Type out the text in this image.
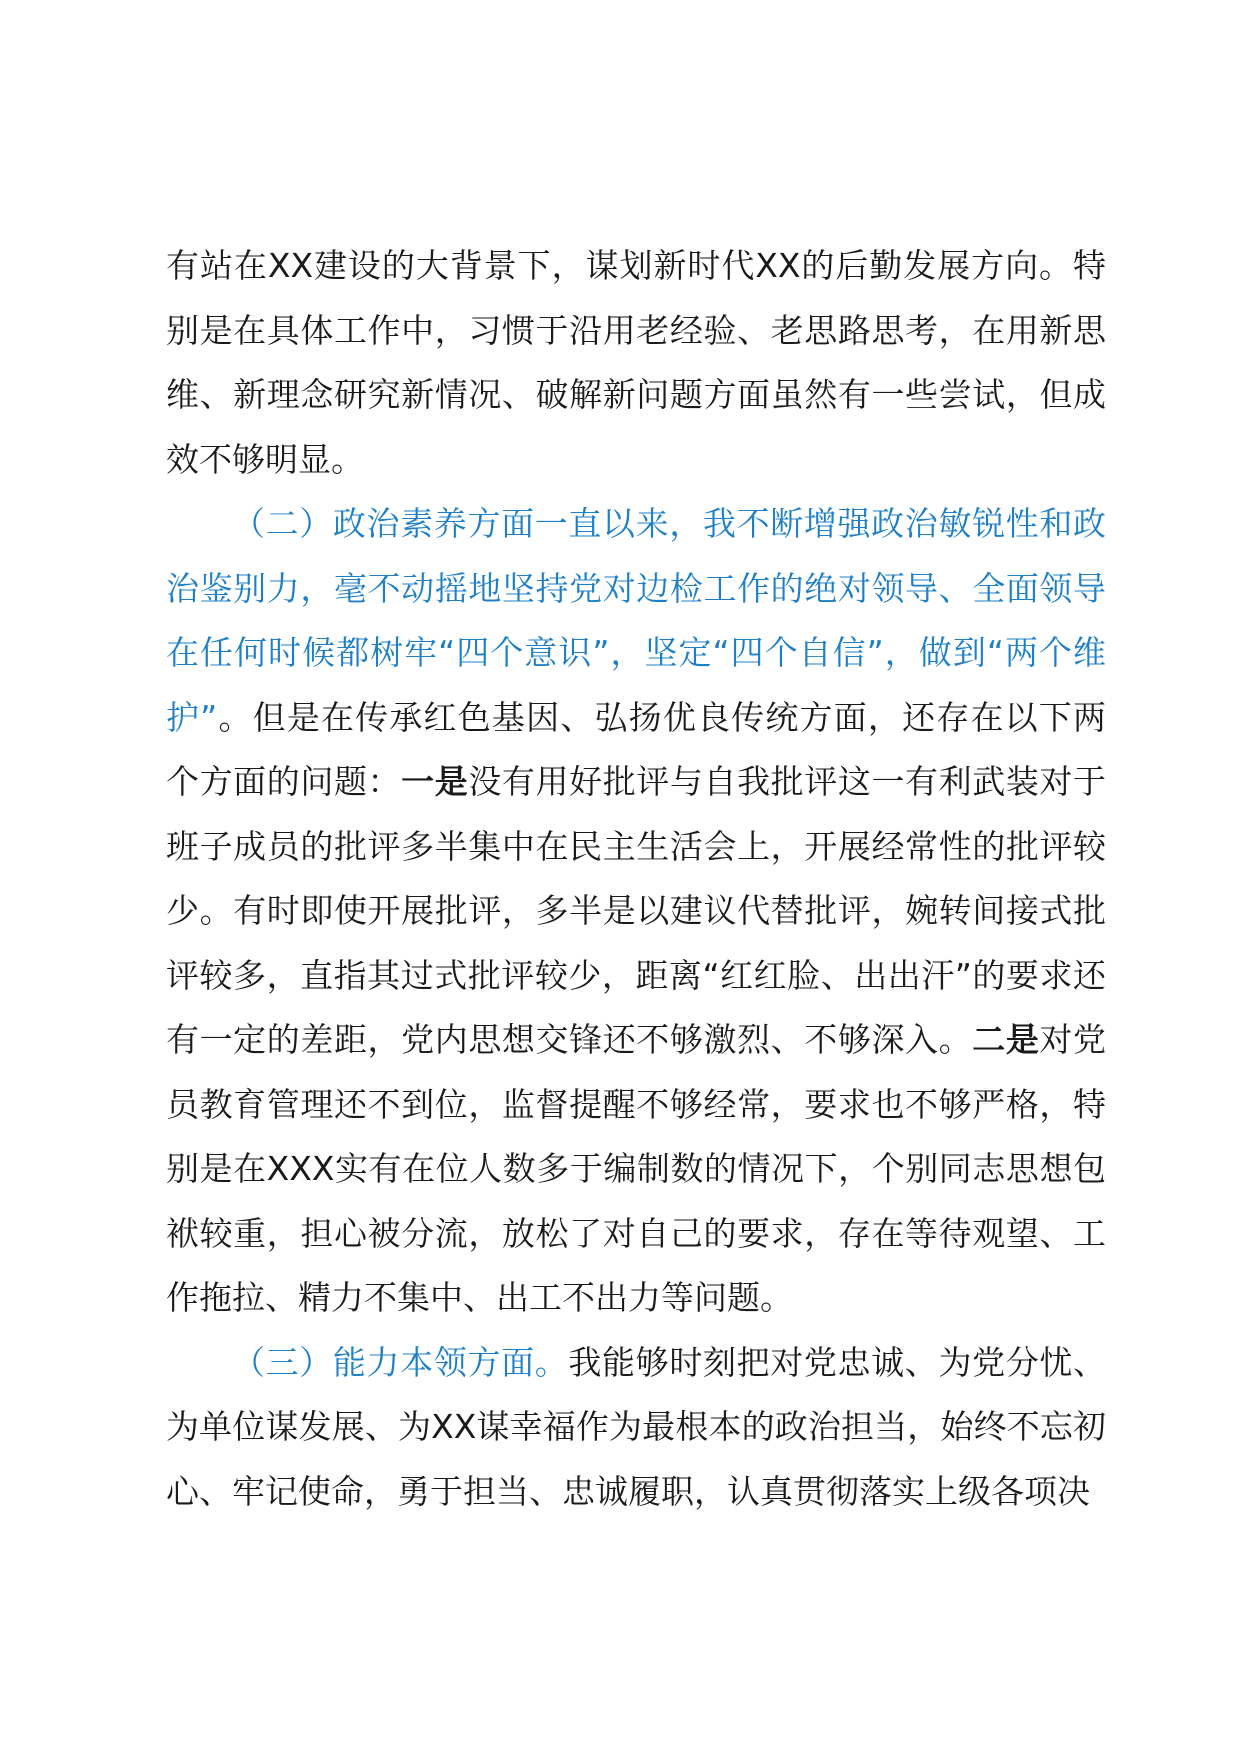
有站在XX建设的大背景下，谋划新时代XX的后勤发展方向。特别是在具体工作中，习惯于沿用老经验、老思路思考，在用新思维、新理念研究新情况、破解新问题方面虽然有一些尝试，但成效不够明显。

（二）政治素养方面一直以来，我不断增强政治敏锐性和政治鉴别力，毫不动摇地坚持党对边检工作的绝对领导、全面领导在任何时候都树牢“四个意识”，坚定“四个自信”，做到“两个维护”。但是在传承红色基因、弘扬优良传统方面，还存在以下两个方面的问题：一是没有用好批评与自我批评这一有利武装对于班子成员的批评多半集中在民主生活会上，开展经常性的批评较少。有时即使开展批评，多半是以建议代替批评，婉转间接式批评较多，直指其过式批评较少，距离“红红脸、出出汗”的要求还有一定的差距，党内思想交锋还不够激烈、不够深入。二是对党员教育管理还不到位，监督提醒不够经常，要求也不够严格，特别是在XXX实有在位人数多于编制数的情况下，个别同志思想包袱较重，担心被分流，放松了对自己的要求，存在等待观望、工作拖拉、精力不集中、出工不出力等问题。

（三）能力本领方面。我能够时刻把对党忠诚、为党分忧、为单位谋发展、为XX谋幸福作为最根本的政治担当，始终不忘初心、牢记使命，勇于担当、忠诚履职，认真贯彻落实上级各项决
